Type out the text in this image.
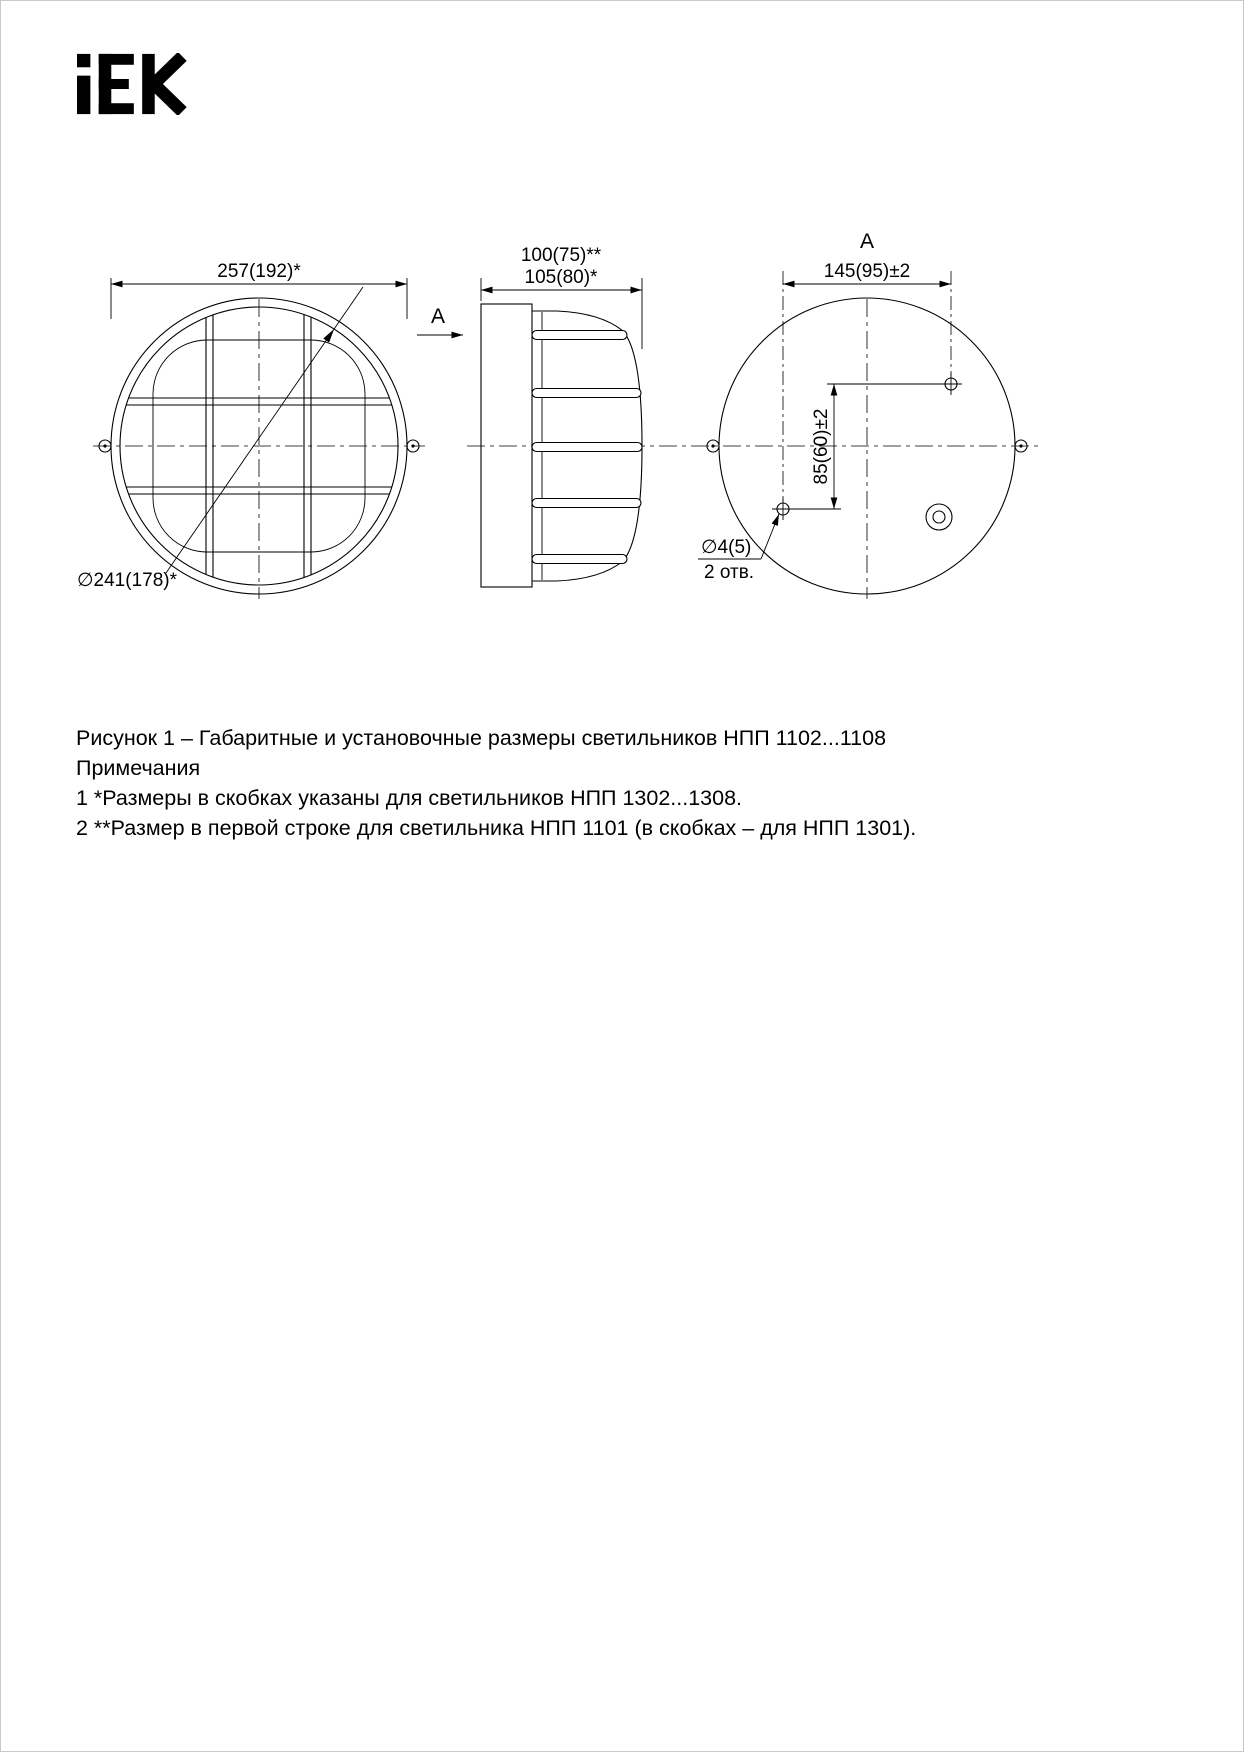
257(192)*
∅241(178)*
A
100(75)**
105(80)*
A
145(95)±2
85(60)±2
∅4(5)
2 отв.

Рисунок 1 – Габаритные и установочные размеры светильников НПП 1102...1108

Примечания

1 *Размеры в скобках указаны для светильников НПП 1302...1308.

2 **Размер в первой строке для светильника НПП 1101 (в скобках – для НПП 1301).
